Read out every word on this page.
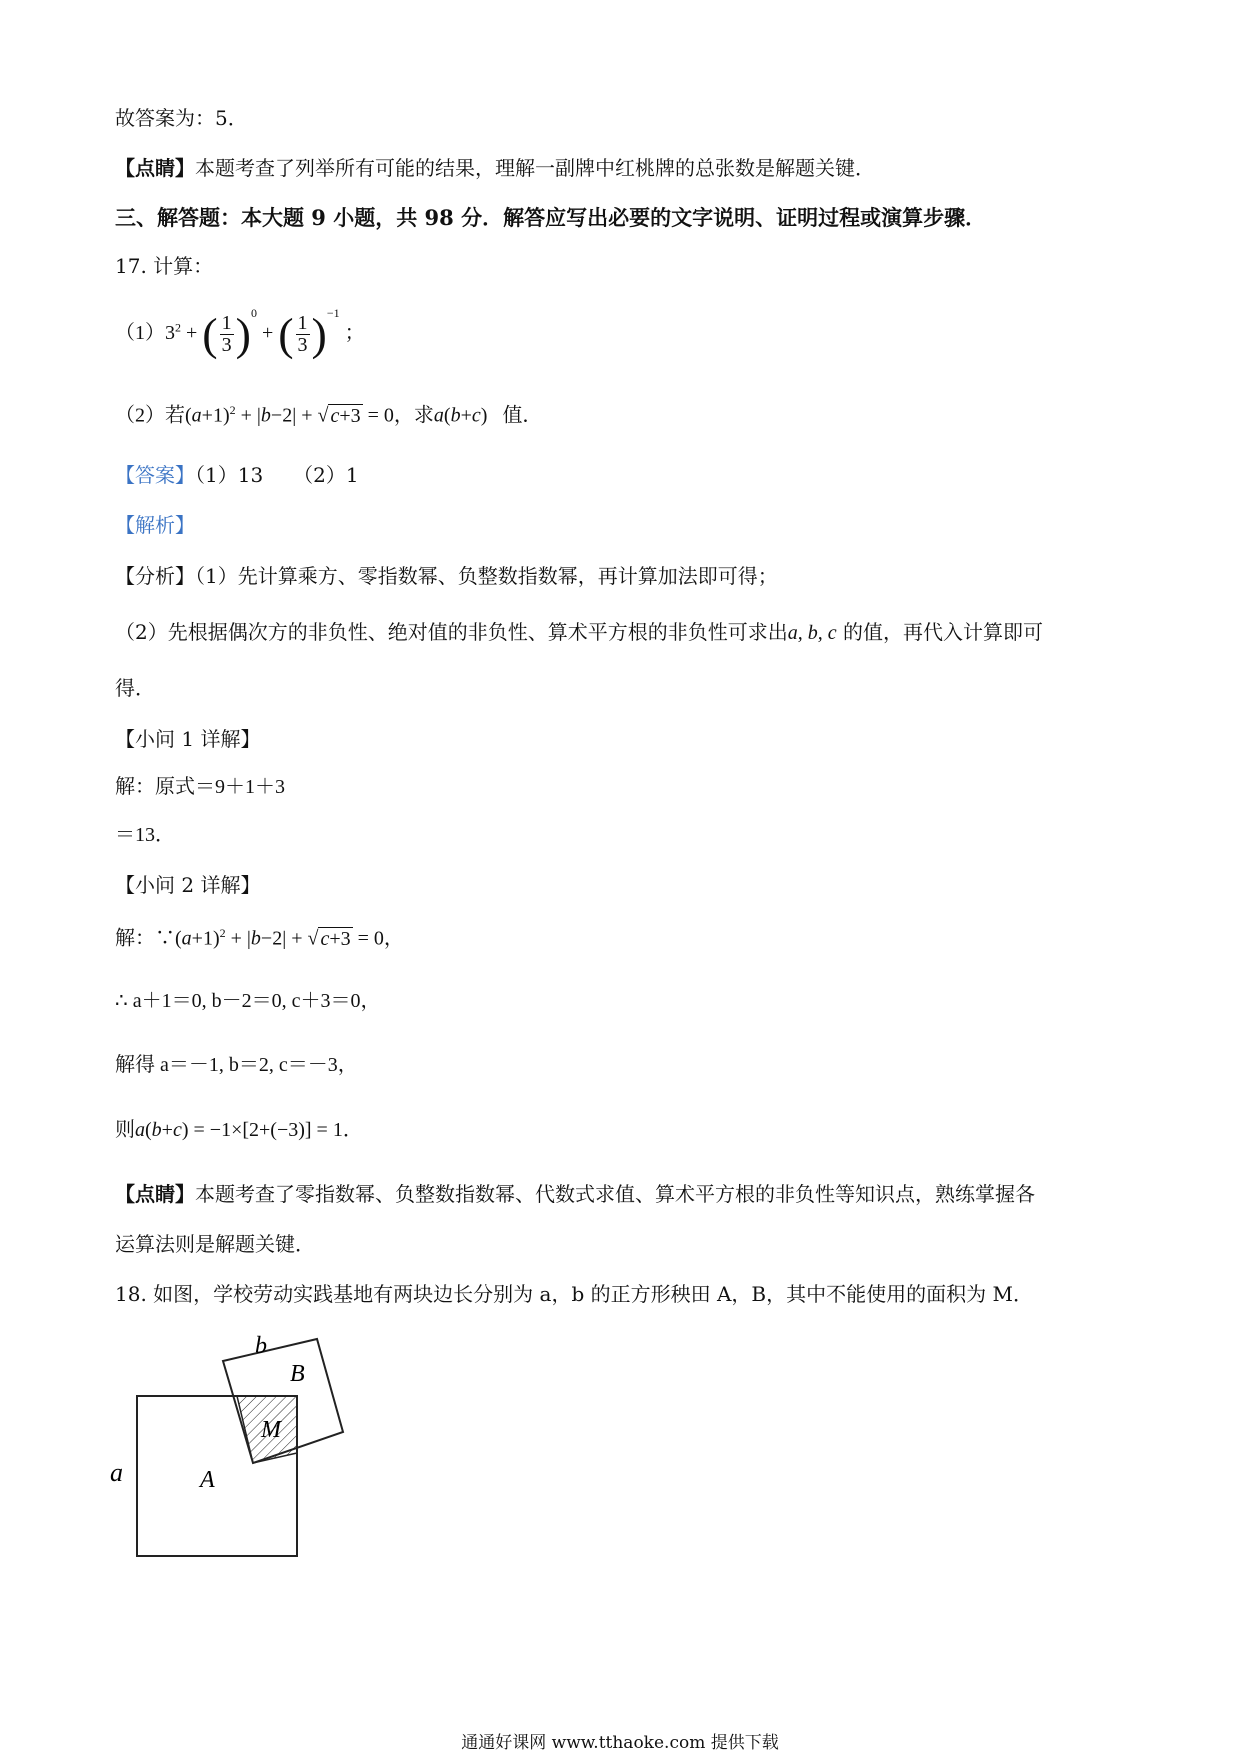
故答案为：5．
【点睛】本题考查了列举所有可能的结果，理解一副牌中红桃牌的总张数是解题关键．
三、解答题：本大题 9 小题，共 98 分．解答应写出必要的文字说明、证明过程或演算步骤．
17. 计算：
$(1)3^2$ + ( $\frac{1}{3} )^0$ + ( $\frac{1}{3} )^{-1}$ ；
（2）若$(a+1)^2 + |b-2|$ + √ c+3 = 0，求a(b+c)   值．
【答案】（1）13　　（2）1
【解析】
【分析】（1）先计算乘方、零指数幂、负整数指数幂，再计算加法即可得；
（2）先根据偶次方的非负性、绝对值的非负性、算术平方根的非负性可求出a, b, c 的值，再代入计算即可
得．
【小问 1 详解】
解：原式＝9＋1＋3
＝13．
【小问 2 详解】
解：$\because(a+1)^2 + |b-2|$ + √ c+3 = 0，
∴ a＋1＝0, b－2＝0, c＋3＝0，
解得 a＝－1, b＝2, c＝－3，
则a(b+c) = −1×[2+(−3)] = 1．
【点睛】本题考查了零指数幂、负整数指数幂、代数式求值、算术平方根的非负性等知识点，熟练掌握各
运算法则是解题关键．
18. 如图，学校劳动实践基地有两块边长分别为 a，b 的正方形秧田 A，B，其中不能使用的面积为 M．
b
B
M
a	A
通通好课网 www.tthaoke.com 提供下载
